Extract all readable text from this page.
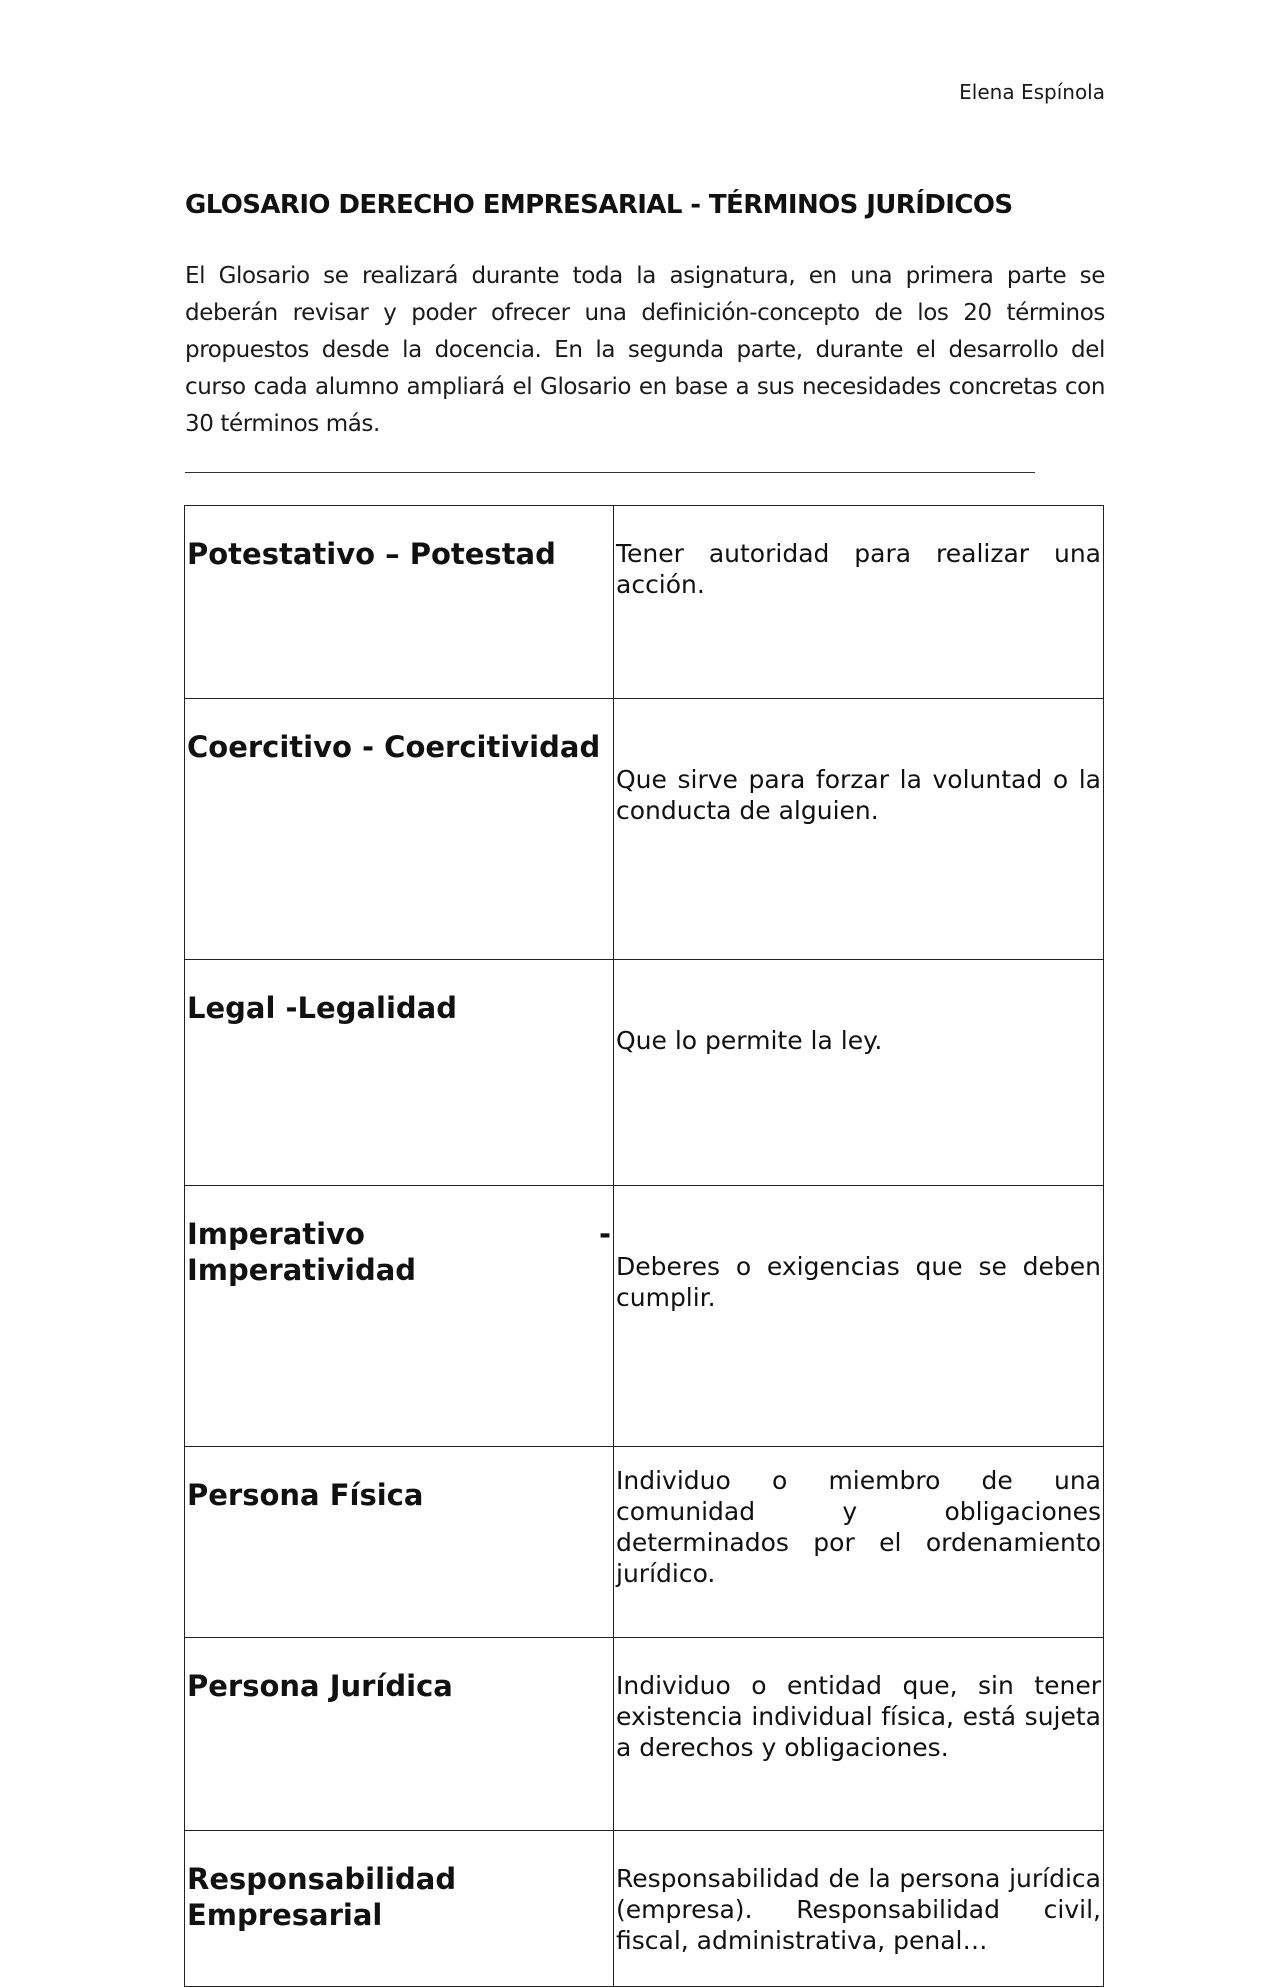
Elena Espínola
GLOSARIO DERECHO EMPRESARIAL - TÉRMINOS JURÍDICOS

El Glosario se realizará durante toda la asignatura, en una primera parte se deberán revisar y poder ofrecer una definición-concepto de los 20 términos propuestos desde la docencia. En la segunda parte, durante el desarrollo del curso cada alumno ampliará el Glosario en base a sus necesidades concretas con 30 términos más.

Potestativo – Potestad	Tener autoridad para realizar una acción.

Coercitivo - Coercitividad	Que sirve para forzar la voluntad o la conducta de alguien.

Legal -Legalidad	Que lo permite la ley.

Imperativo - Imperatividad	Deberes o exigencias que se deben cumplir.

Persona Física	Individuo o miembro de una comunidad y obligaciones determinados por el ordenamiento jurídico.

Persona Jurídica	Individuo o entidad que, sin tener existencia individual física, está sujeta a derechos y obligaciones.

Responsabilidad Empresarial	Responsabilidad de la persona jurídica (empresa). Responsabilidad civil, fiscal, administrativa, penal…
